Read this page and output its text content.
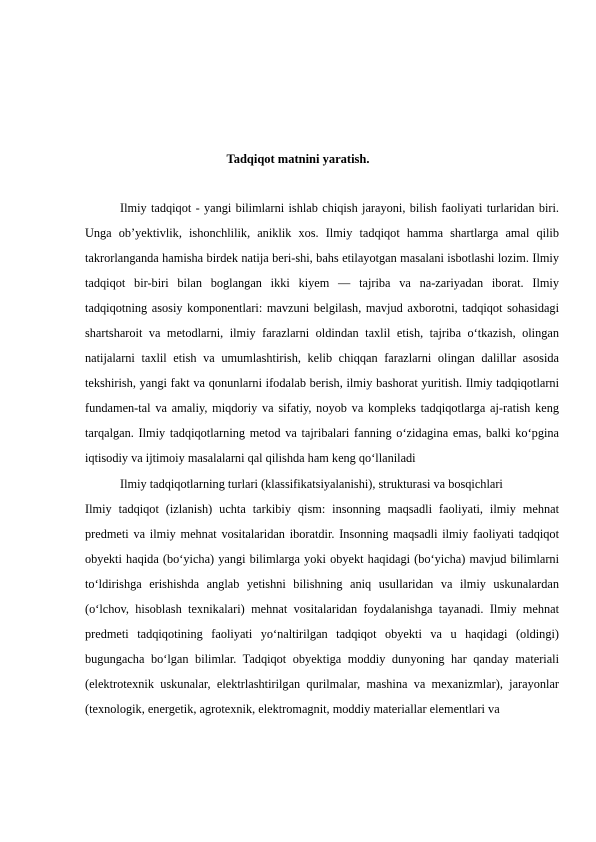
Tadqiqot matnini yaratish.

Ilmiy tadqiqot - yangi bilimlarni ishlab chiqish jarayoni, bilish faoliyati turlaridan biri. Unga ob’yektivlik, ishonchlilik, aniklik xos. Ilmiy tadqiqot hamma shartlarga amal qilib takrorlanganda hamisha birdek natija beri-shi, bahs etilayotgan masalani isbotlashi lozim. Ilmiy tadqiqot bir-biri bilan boglangan ikki kiyem — tajriba va na-zariyadan iborat. Ilmiy tadqiqotning asosiy komponentlari: mavzuni belgilash, mavjud axborotni, tadqiqot sohasidagi shartsharoit va metodlarni, ilmiy farazlarni oldindan taxlil etish, tajriba o‘tkazish, olingan natijalarni taxlil etish va umumlashtirish, kelib chiqqan farazlarni olingan dalillar asosida tekshirish, yangi fakt va qonunlarni ifodalab berish, ilmiy bashorat yuritish. Ilmiy tadqiqotlarni fundamen-tal va amaliy, miqdoriy va sifatiy, noyob va kompleks tadqiqotlarga aj-ratish keng tarqalgan. Ilmiy tadqiqotlarning metod va tajribalari fanning o‘zidagina emas, balki ko‘pgina iqtisodiy va ijtimoiy masalalarni qal qilishda ham keng qo‘llaniladi

Ilmiy tadqiqotlarning turlari (klassifikatsiyalanishi), strukturasi va bosqichlari

Ilmiy tadqiqot (izlanish) uchta tarkibiy qism: insonning maqsadli faoliyati, ilmiy mehnat predmeti va ilmiy mehnat vositalaridan iboratdir. Insonning maqsadli ilmiy faoliyati tadqiqot obyekti haqida (bo‘yicha) yangi bilimlarga yoki obyekt haqidagi (bo‘yicha) mavjud bilimlarni to‘ldirishga erishishda anglab yetishni bilishning aniq usullaridan va ilmiy uskunalardan (o‘lchov, hisoblash texnikalari) mehnat vositalaridan foydalanishga tayanadi. Ilmiy mehnat predmeti tadqiqotining faoliyati yo‘naltirilgan tadqiqot obyekti va u haqidagi (oldingi) bugungacha bo‘lgan bilimlar. Tadqiqot obyektiga moddiy dunyoning har qanday materiali (elektrotexnik uskunalar, elektrlashtirilgan qurilmalar, mashina va mexanizmlar), jarayonlar (texnologik, energetik, agrotexnik, elektromagnit, moddiy materiallar elementlari va
